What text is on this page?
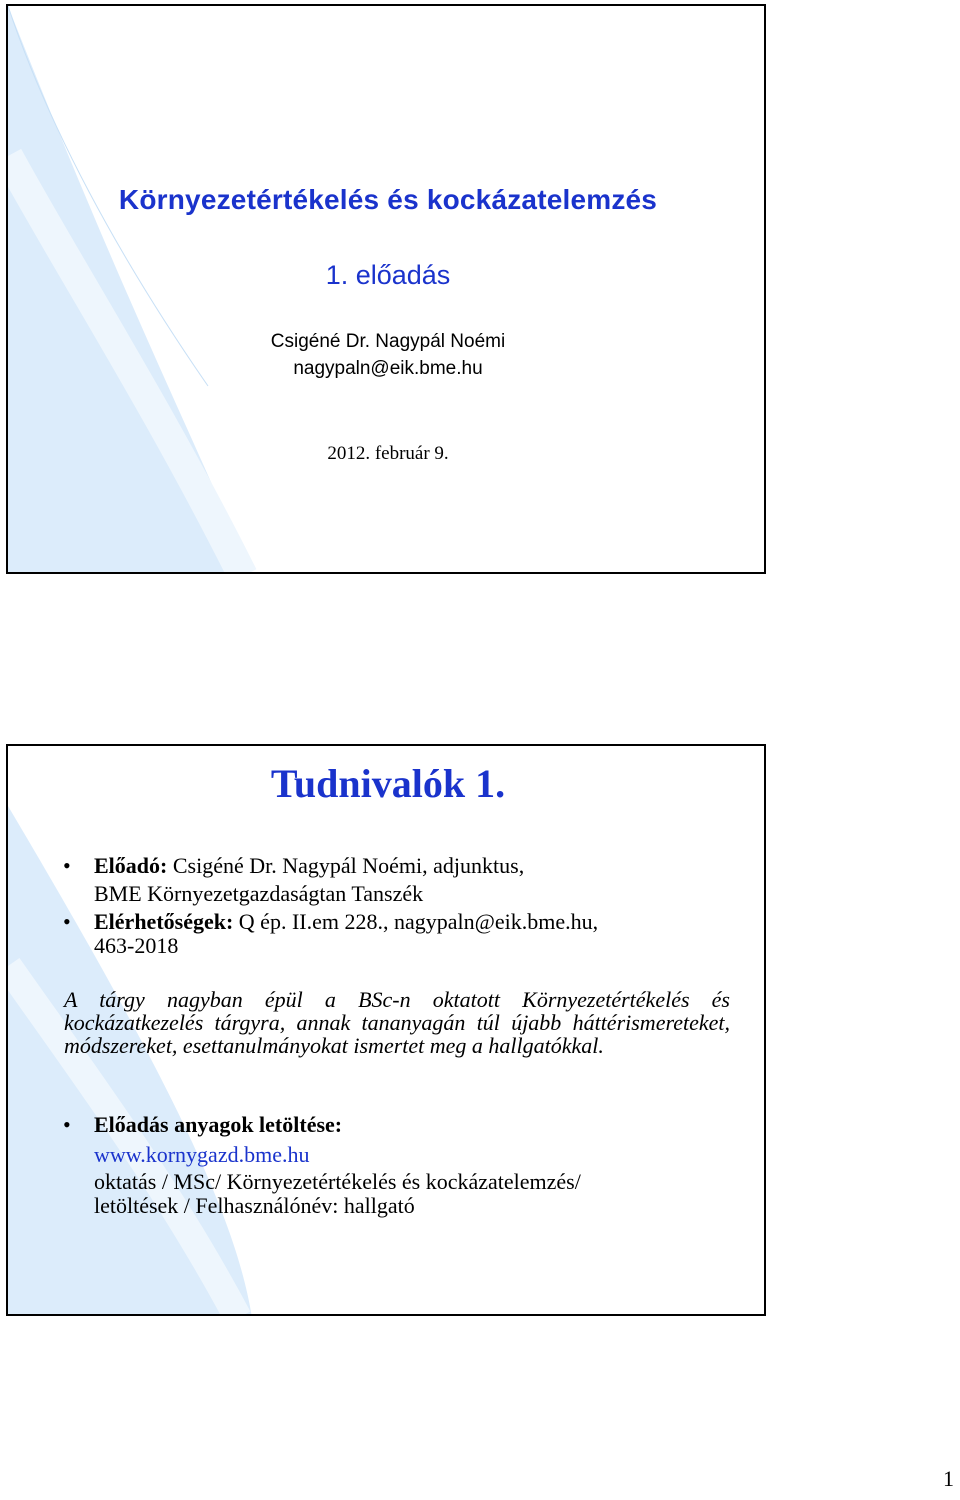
Környezetértékelés és kockázatelemzés
1. előadás
Csigéné Dr. Nagypál Noémi
nagypaln@eik.bme.hu
2012. február 9.
Tudnivalók 1.
• Előadó: Csigéné Dr. Nagypál Noémi, adjunktus,
BME Környezetgazdaságtan Tanszék
• Elérhetőségek: Q ép. II.em 228., nagypaln@eik.bme.hu,
463-2018

A tárgy nagyban épül a BSc-n oktatott Környezetértékelés és kockázatkezelés tárgyra, annak tananyagán túl újabb háttérismereteket, módszereket, esettanulmányokat ismertet meg a hallgatókkal.

• Előadás anyagok letöltése:
www.kornygazd.bme.hu
oktatás / MSc/ Környezetértékelés és kockázatelemzés/
letöltések / Felhasználónév: hallgató
1
